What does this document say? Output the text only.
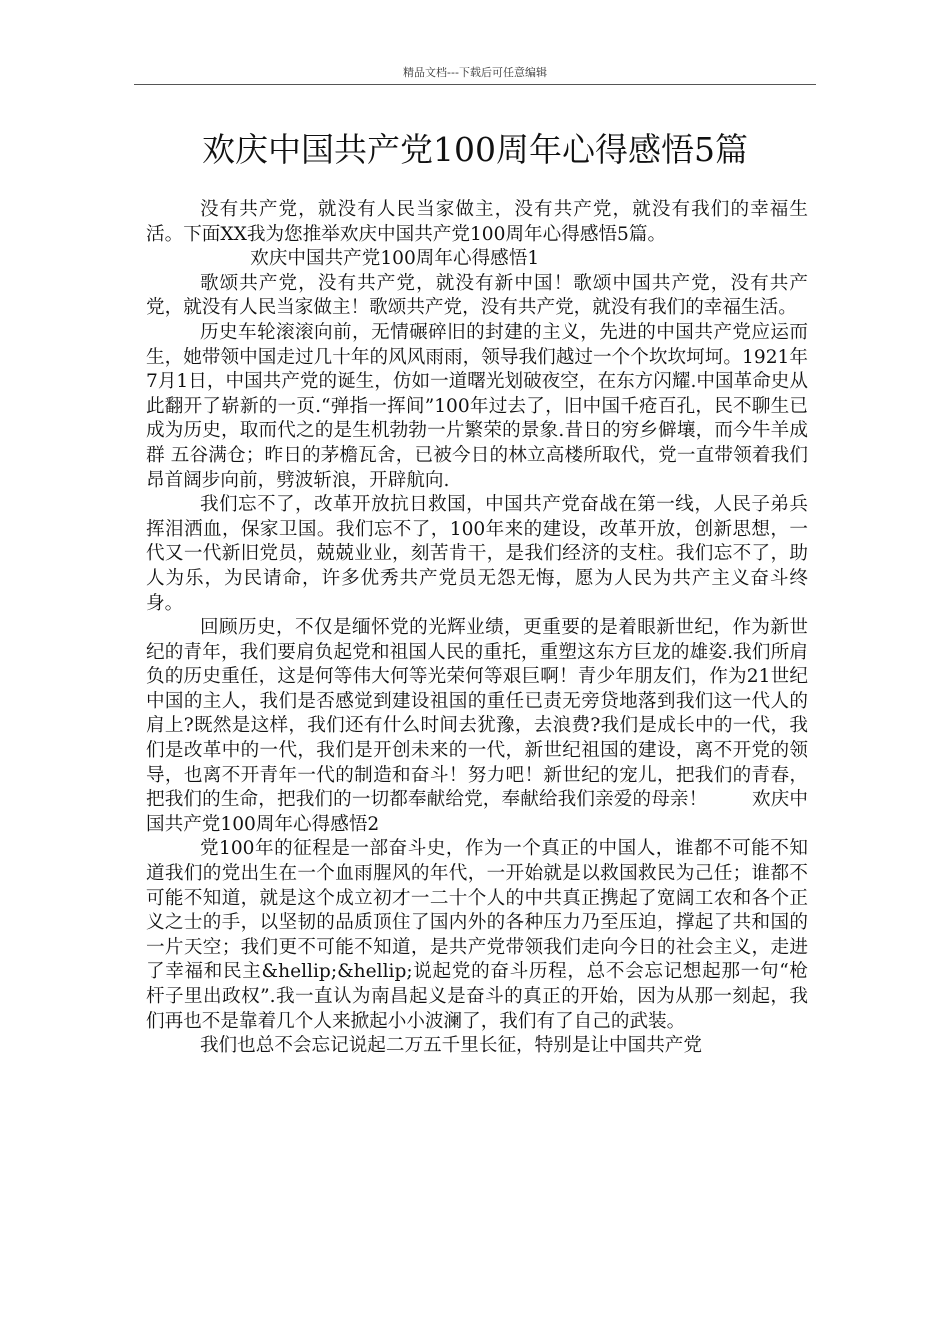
精品文档---下载后可任意编辑
欢庆中国共产党100周年心得感悟5篇

没有共产党，就没有人民当家做主，没有共产党，就没有我们的幸福生活。下面XX我为您推举欢庆中国共产党100周年心得感悟5篇。

欢庆中国共产党100周年心得感悟1

歌颂共产党，没有共产党，就没有新中国！歌颂中国共产党，没有共产党，就没有人民当家做主！歌颂共产党，没有共产党，就没有我们的幸福生活。

历史车轮滚滚向前，无情碾碎旧的封建的主义，先进的中国共产党应运而生，她带领中国走过几十年的风风雨雨，领导我们越过一个个坎坎坷坷。1921年7月1日，中国共产党的诞生，仿如一道曙光划破夜空，在东方闪耀.中国革命史从此翻开了崭新的一页.“弹指一挥间”100年过去了，旧中国千疮百孔，民不聊生已成为历史，取而代之的是生机勃勃一片繁荣的景象.昔日的穷乡僻壤，而今牛羊成群 五谷满仓；昨日的茅檐瓦舍，已被今日的林立高楼所取代，党一直带领着我们昂首阔步向前，劈波斩浪，开辟航向.

我们忘不了，改革开放抗日救国，中国共产党奋战在第一线，人民子弟兵挥泪洒血，保家卫国。我们忘不了，100年来的建设，改革开放，创新思想，一代又一代新旧党员，兢兢业业，刻苦肯干，是我们经济的支柱。我们忘不了，助人为乐，为民请命，许多优秀共产党员无怨无悔，愿为人民为共产主义奋斗终身。

回顾历史，不仅是缅怀党的光辉业绩，更重要的是着眼新世纪，作为新世纪的青年，我们要肩负起党和祖国人民的重托，重塑这东方巨龙的雄姿.我们所肩负的历史重任，这是何等伟大何等光荣何等艰巨啊！青少年朋友们，作为21世纪中国的主人，我们是否感觉到建设祖国的重任已责无旁贷地落到我们这一代人的肩上?既然是这样，我们还有什么时间去犹豫，去浪费?我们是成长中的一代，我们是改革中的一代，我们是开创未来的一代，新世纪祖国的建设，离不开党的领导，也离不开青年一代的制造和奋斗！努力吧！新世纪的宠儿，把我们的青春，把我们的生命，把我们的一切都奉献给党，奉献给我们亲爱的母亲！ 欢庆中国共产党100周年心得感悟2

党100年的征程是一部奋斗史，作为一个真正的中国人，谁都不可能不知道我们的党出生在一个血雨腥风的年代，一开始就是以救国救民为己任；谁都不可能不知道，就是这个成立初才一二十个人的中共真正携起了宽阔工农和各个正义之士的手，以坚韧的品质顶住了国内外的各种压力乃至压迫，撑起了共和国的一片天空；我们更不可能不知道，是共产党带领我们走向今日的社会主义，走进了幸福和民主&hellip;&hellip;说起党的奋斗历程，总不会忘记想起那一句“枪杆子里出政权”.我一直认为南昌起义是奋斗的真正的开始，因为从那一刻起，我们再也不是靠着几个人来掀起小小波澜了，我们有了自己的武装。

我们也总不会忘记说起二万五千里长征，特别是让中国共产党
